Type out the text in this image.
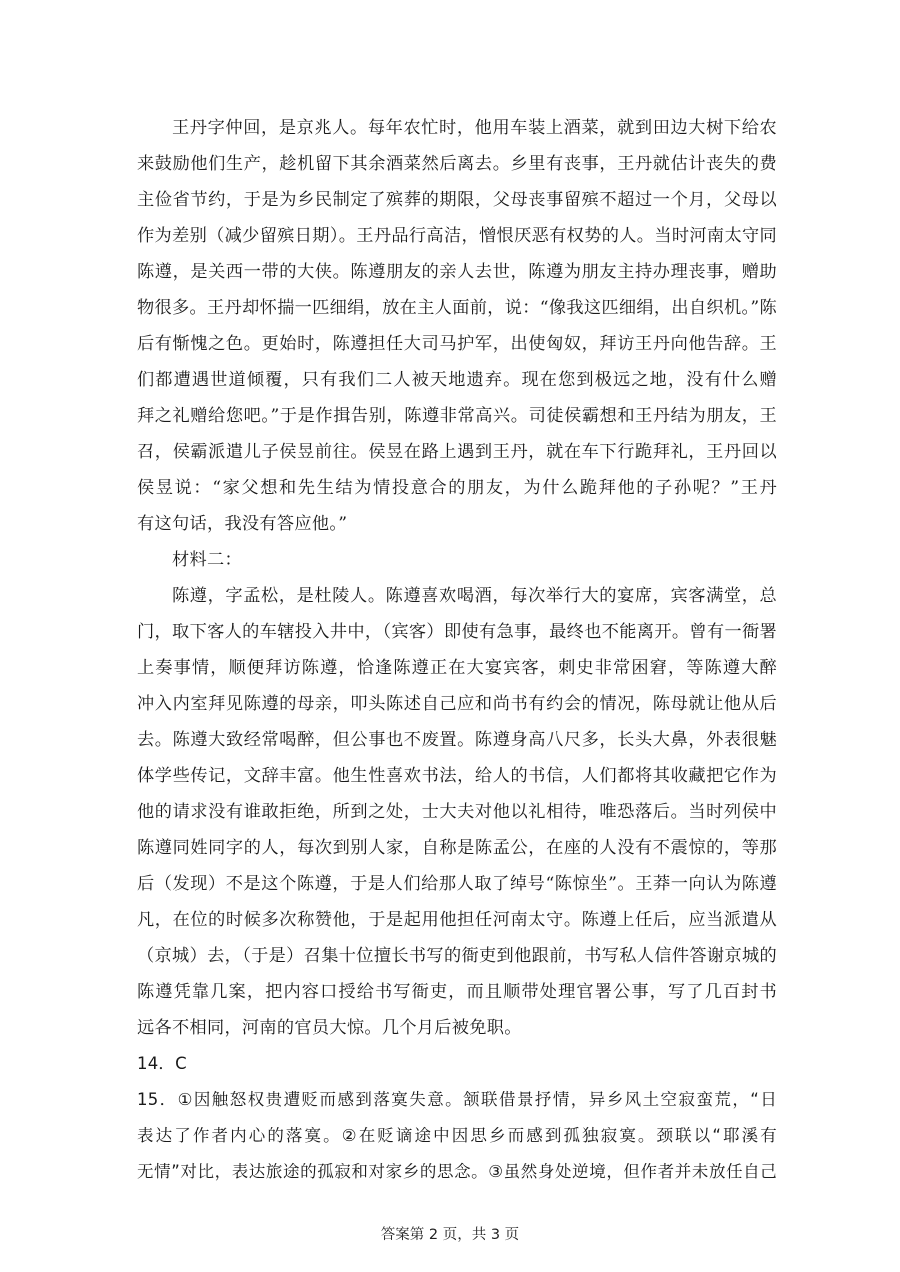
王丹字仲回，是京兆人。每年农忙时，他用车装上酒菜，就到田边大树下给农
来鼓励他们生产，趁机留下其余酒菜然后离去。乡里有丧事，王丹就估计丧失的费
主俭省节约，于是为乡民制定了殡葬的期限，父母丧事留殡不超过一个月，父母以
作为差别（减少留殡日期）。王丹品行高洁，憎恨厌恶有权势的人。当时河南太守同
陈遵，是关西一带的大侠。陈遵朋友的亲人去世，陈遵为朋友主持办理丧事，赠助
物很多。王丹却怀揣一匹细绢，放在主人面前，说：“像我这匹细绢，出自织机。”陈
后有惭愧之色。更始时，陈遵担任大司马护军，出使匈奴，拜访王丹向他告辞。王
们都遭遇世道倾覆，只有我们二人被天地遗弃。现在您到极远之地，没有什么赠
拜之礼赠给您吧。”于是作揖告别，陈遵非常高兴。司徒侯霸想和王丹结为朋友，王
召，侯霸派遣儿子侯昱前往。侯昱在路上遇到王丹，就在车下行跪拜礼，王丹回以
侯昱说：“家父想和先生结为情投意合的朋友，为什么跪拜他的子孙呢？”王丹
有这句话，我没有答应他。”
材料二：
陈遵，字孟松，是杜陵人。陈遵喜欢喝酒，每次举行大的宴席，宾客满堂，总
门，取下客人的车辖投入井中，（宾客）即使有急事，最终也不能离开。曾有一衙署
上奏事情，顺便拜访陈遵，恰逢陈遵正在大宴宾客，刺史非常困窘，等陈遵大醉
冲入内室拜见陈遵的母亲，叩头陈述自己应和尚书有约会的情况，陈母就让他从后
去。陈遵大致经常喝醉，但公事也不废置。陈遵身高八尺多，长头大鼻，外表很魅
体学些传记，文辞丰富。他生性喜欢书法，给人的书信，人们都将其收藏把它作为
他的请求没有谁敢拒绝，所到之处，士大夫对他以礼相待，唯恐落后。当时列侯中
陈遵同姓同字的人，每次到别人家，自称是陈孟公，在座的人没有不震惊的，等那
后（发现）不是这个陈遵，于是人们给那人取了绰号“陈惊坐”。王莽一向认为陈遵
凡，在位的时候多次称赞他，于是起用他担任河南太守。陈遵上任后，应当派遣从
（京城）去，（于是）召集十位擅长书写的衙吏到他跟前，书写私人信件答谢京城的
陈遵凭靠几案，把内容口授给书写衙吏，而且顺带处理官署公事，写了几百封书
远各不相同，河南的官员大惊。几个月后被免职。
14．C
15．①因触怒权贵遭贬而感到落寞失意。颔联借景抒情，异乡风土空寂蛮荒，“日
表达了作者内心的落寞。②在贬谪途中因思乡而感到孤独寂寞。颈联以“耶溪有
无情”对比，表达旅途的孤寂和对家乡的思念。③虽然身处逆境，但作者并未放任自己
答案第 2 页，共 3 页
